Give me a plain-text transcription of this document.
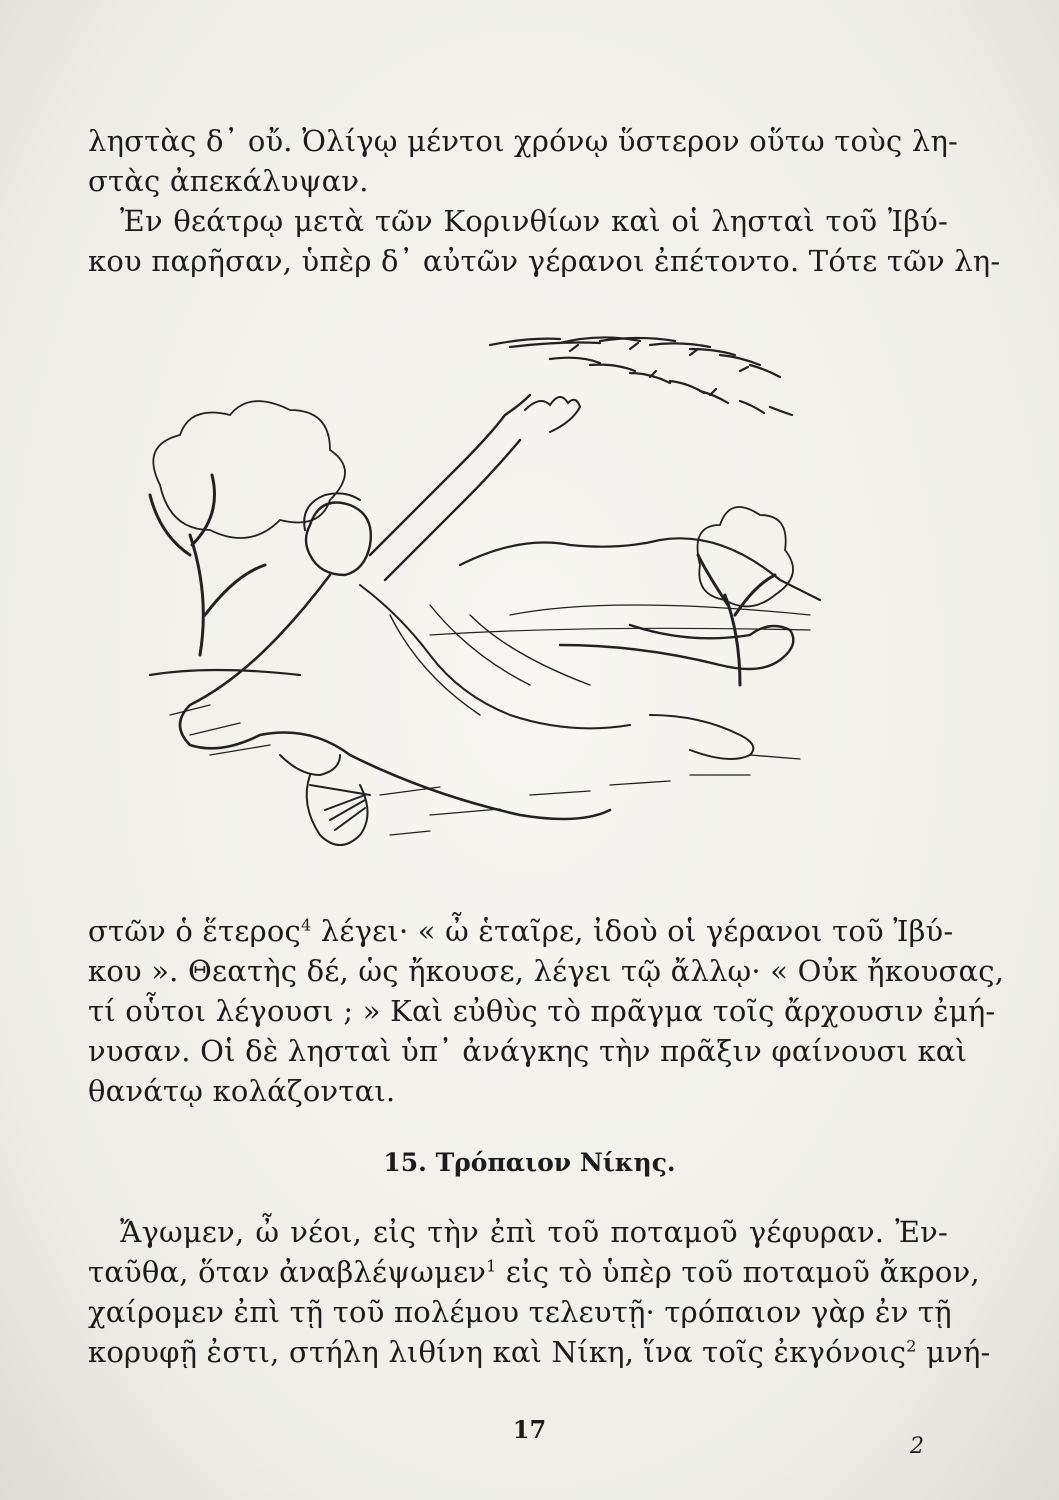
ληστὰς δ᾿ οὔ. Ὀλίγῳ μέντοι χρόνῳ ὕστερον οὕτω τοὺς λη-
στὰς ἀπεκάλυψαν.
Ἐν θεάτρῳ μετὰ τῶν Κορινθίων καὶ οἱ λησταὶ τοῦ Ἰβύ-
κου παρῆσαν, ὑπὲρ δ᾿ αὐτῶν γέρανοι ἐπέτοντο. Τότε τῶν λη-
στῶν ὁ ἕτερος$^4$ λέγει· « ὦ ἑταῖρε, ἰδοὺ οἱ γέρανοι τοῦ Ἰβύ-
κου ». Θεατὴς δέ, ὡς ἤκουσε, λέγει τῷ ἄλλῳ· « Οὐκ ἤκουσας,
τί οὗτοι λέγουσι ; » Καὶ εὐθὺς τὸ πρᾶγμα τοῖς ἄρχουσιν ἐμή-
νυσαν. Οἱ δὲ λησταὶ ὑπ᾿ ἀνάγκης τὴν πρᾶξιν φαίνουσι καὶ
θανάτῳ κολάζονται.
15. Τρόπαιον Νίκης.
Ἄγωμεν, ὦ νέοι, εἰς τὴν ἐπὶ τοῦ ποταμοῦ γέφυραν. Ἐν-
ταῦθα, ὅταν ἀναβλέψωμεν$^1$ εἰς τὸ ὑπὲρ τοῦ ποταμοῦ ἄκρον,
χαίρομεν ἐπὶ τῇ τοῦ πολέμου τελευτῇ· τρόπαιον γὰρ ἐν τῇ
κορυφῇ ἐστι, στήλη λιθίνη καὶ Νίκη, ἵνα τοῖς ἐκγόνοις$^2$ μνή-
17
2
